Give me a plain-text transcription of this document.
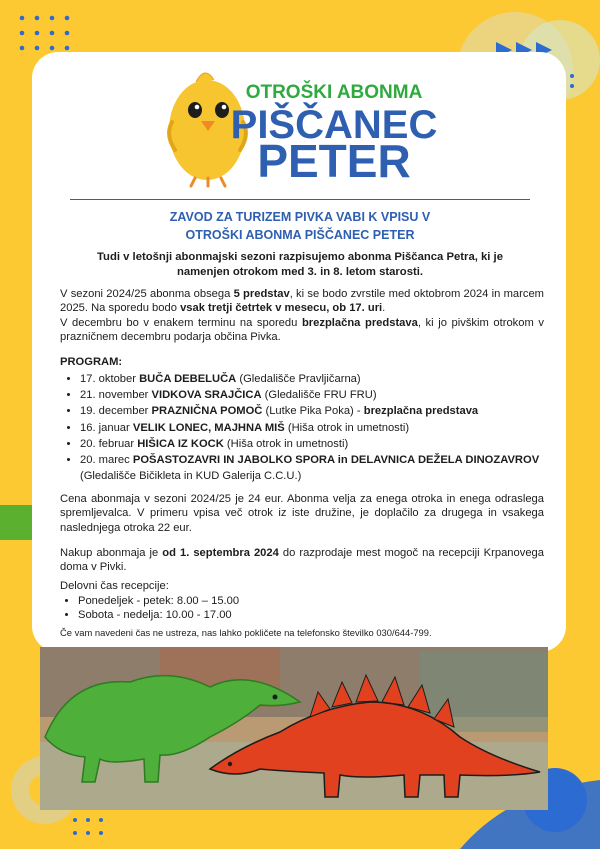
OTROŠKI ABONMA
PIŠČANEC
PETER
ZAVOD ZA TURIZEM PIVKA VABI K VPISU V
OTROŠKI ABONMA PIŠČANEC PETER
Tudi v letošnji abonmajski sezoni razpisujemo abonma Piščanca Petra, ki je namenjen otrokom med 3. in 8. letom starosti.

V sezoni 2024/25 abonma obsega 5 predstav, ki se bodo zvrstile med oktobrom 2024 in marcem 2025. Na sporedu bodo vsak tretji četrtek v mesecu, ob 17. uri.

V decembru bo v enakem terminu na sporedu brezplačna predstava, ki jo pivškim otrokom v prazničnem decembru podarja občina Pivka.

PROGRAM:
• 17. oktober BUČA DEBELUČA (Gledališče Pravljičarna)
• 21. november VIDKOVA SRAJČICA (Gledališče FRU FRU)
• 19. december PRAZNIČNA POMOČ (Lutke Pika Poka) - brezplačna predstava
• 16. januar VELIK LONEC, MAJHNA MIŠ (Hiša otrok in umetnosti)
• 20. februar HIŠICA IZ KOCK (Hiša otrok in umetnosti)
• 20. marec POŠASTOZAVRI IN JABOLKO SPORA in DELAVNICA DEŽELA DINOZAVROV (Gledališče Bičikleta in KUD Galerija C.C.U.)
Cena abonmaja v sezoni 2024/25 je 24 eur. Abonma velja za enega otroka in enega odraslega spremljevalca. V primeru vpisa več otrok iz iste družine, je doplačilo za drugega in vsakega naslednjega otroka 22 eur.
Nakup abonmaja je od 1. septembra 2024 do razprodaje mest mogoč na recepciji Krpanovega doma v Pivki.
Delovni čas recepcije:
• Ponedeljek - petek: 8.00 – 15.00
• Sobota - nedelja: 10.00 - 17.00
Če vam navedeni čas ne ustreza, nas lahko pokličete na telefonsko številko 030/644-799.
